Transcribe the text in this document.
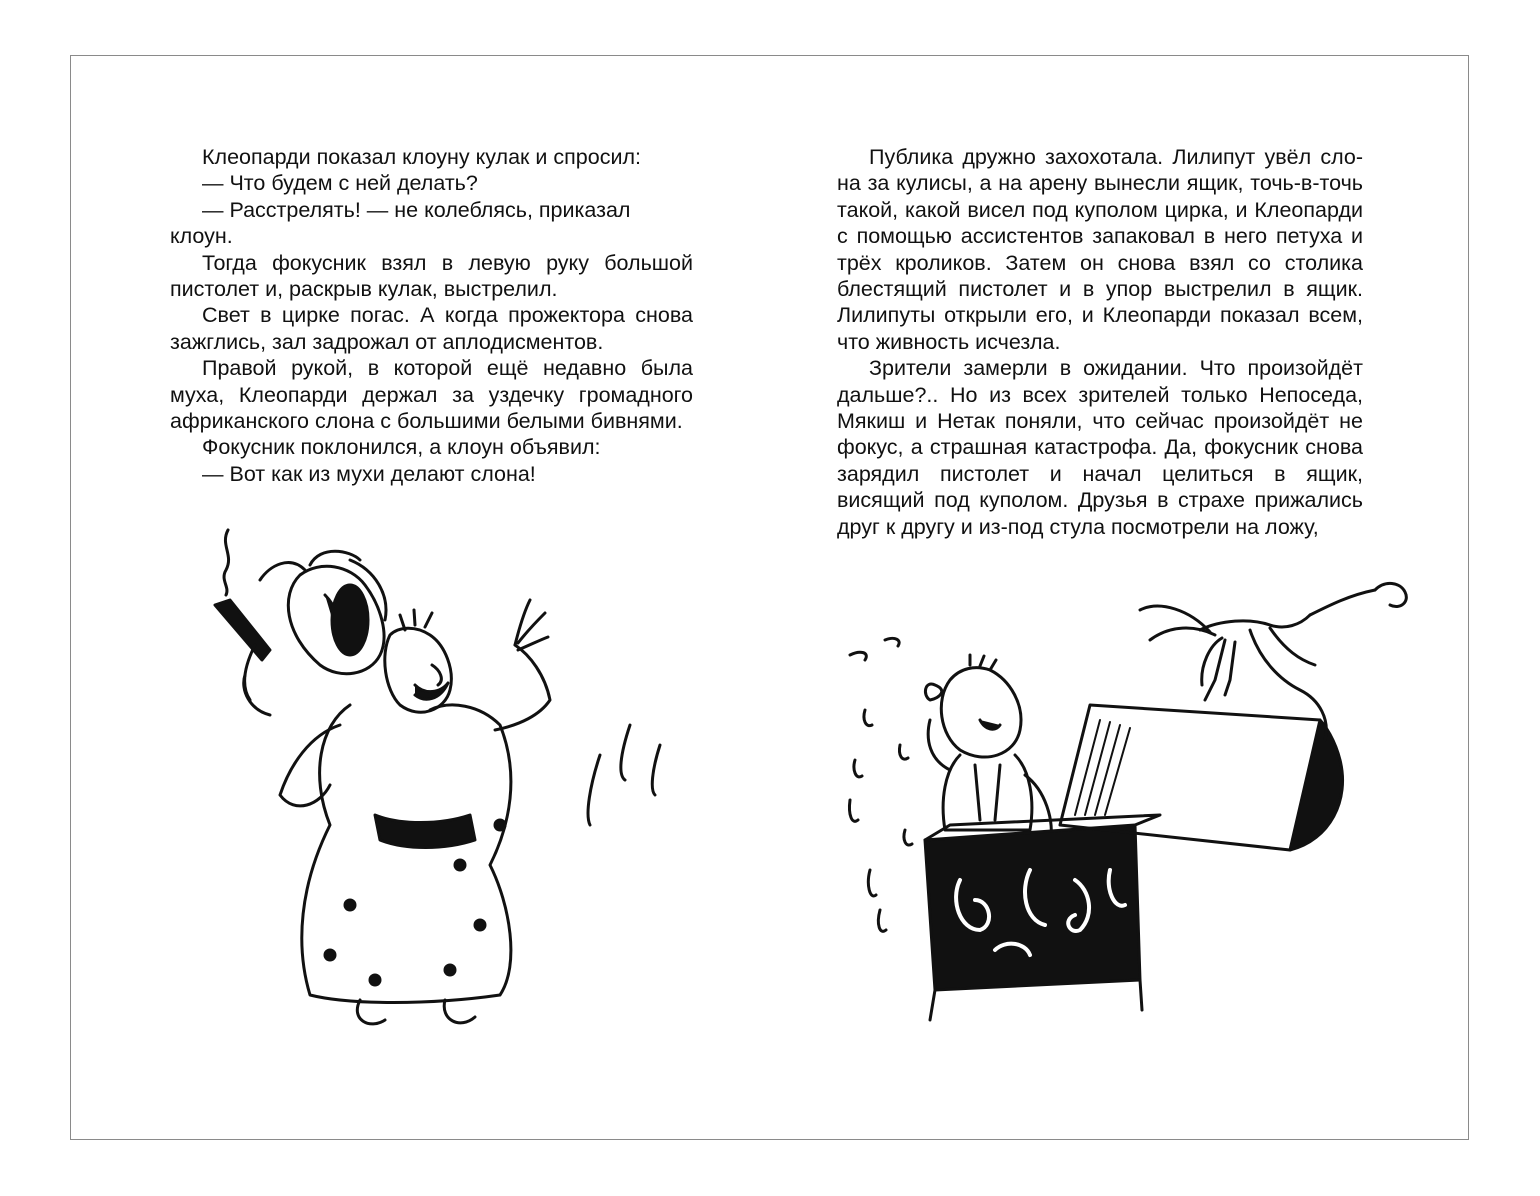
Клеопарди показал клоуну кулак и спросил:

— Что будем с ней делать?

— Расстрелять! — не колеблясь, приказал клоун.

Тогда фокусник взял в левую руку большой пистолет и, раскрыв кулак, выстрелил.

Свет в цирке погас. А когда прожектора снова зажглись, зал задрожал от аплодисментов.

Правой рукой, в которой ещё недавно была муха, Клеопарди держал за уздечку громадного африканского слона с большими белыми бивнями.

Фокусник поклонился, а клоун объявил:

— Вот как из мухи делают слона!

Публика дружно захохотала. Лилипут увёл слона за кулисы, а на арену вынесли ящик, точь-в-точь такой, какой висел под куполом цирка, и Клеопарди с помощью ассистентов запаковал в него петуха и трёх кроликов. Затем он снова взял со столика блестящий пистолет и в упор выстрелил в ящик. Лилипуты открыли его, и Клеопарди показал всем, что живность исчезла.

Зрители замерли в ожидании. Что произойдёт дальше?.. Но из всех зрителей только Непоседа, Мякиш и Нетак поняли, что сейчас произойдёт не фокус, а страшная катастрофа. Да, фокусник снова зарядил пистолет и начал целиться в ящик, висящий под куполом. Друзья в страхе прижались друг к другу и из-под стула посмотрели на ложу,
